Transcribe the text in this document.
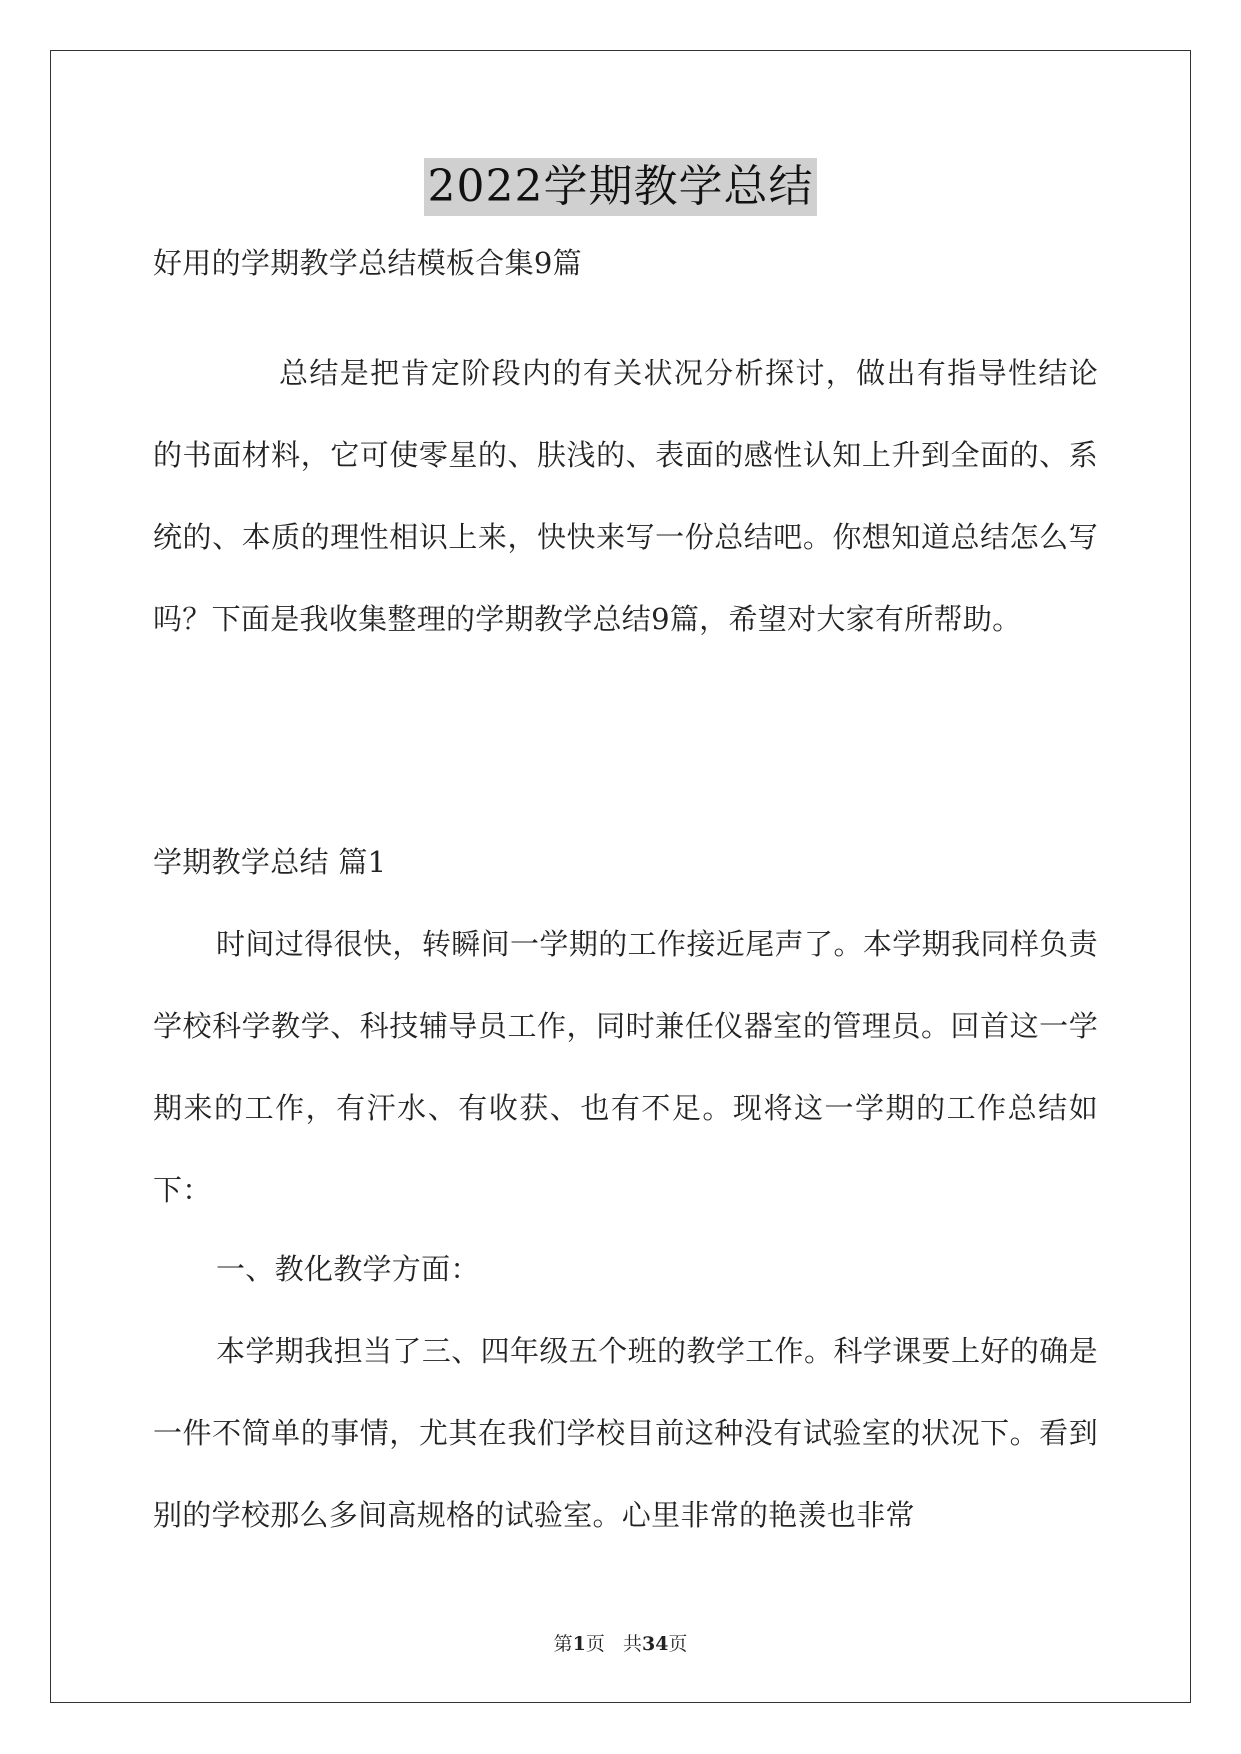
2022学期教学总结
好用的学期教学总结模板合集9篇
总结是把肯定阶段内的有关状况分析探讨，做出有指导性结论的书面材料，它可使零星的、肤浅的、表面的感性认知上升到全面的、系统的、本质的理性相识上来，快快来写一份总结吧。你想知道总结怎么写吗？下面是我收集整理的学期教学总结9篇，希望对大家有所帮助。
学期教学总结 篇1
时间过得很快，转瞬间一学期的工作接近尾声了。本学期我同样负责学校科学教学、科技辅导员工作，同时兼任仪器室的管理员。回首这一学期来的工作，有汗水、有收获、也有不足。现将这一学期的工作总结如下：
一、教化教学方面：
本学期我担当了三、四年级五个班的教学工作。科学课要上好的确是一件不简单的事情，尤其在我们学校目前这种没有试验室的状况下。看到别的学校那么多间高规格的试验室。心里非常的艳羡也非常
第1页 共34页
